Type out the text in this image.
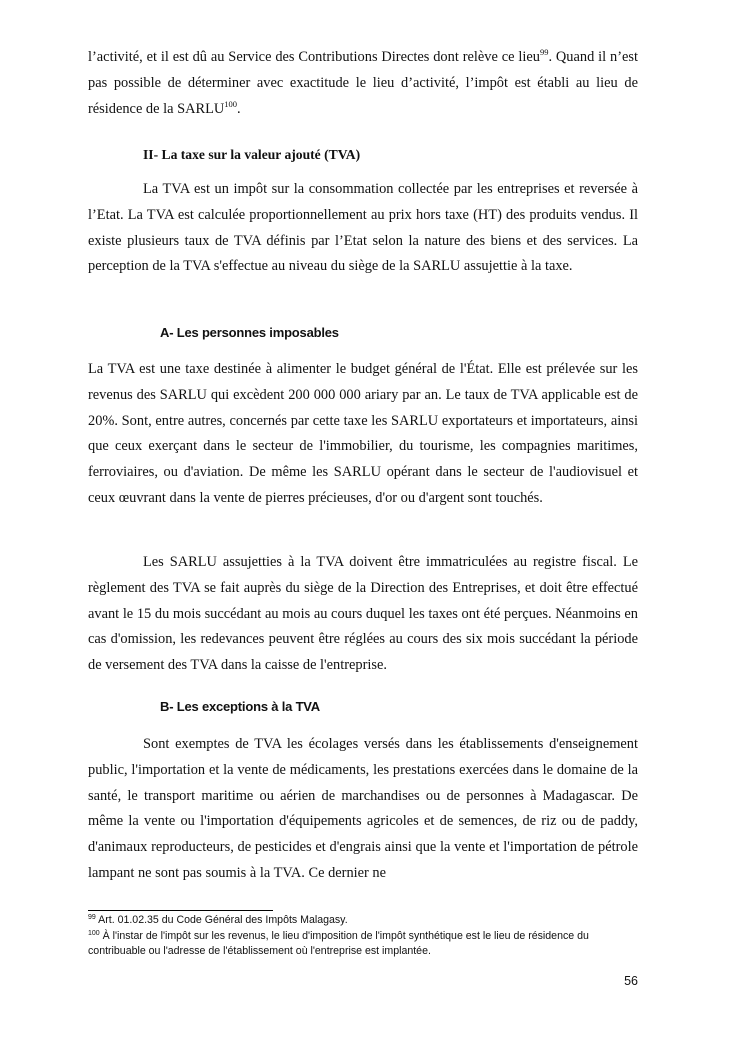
l’activité, et il est dû au Service des Contributions Directes dont relève ce lieu$^{99}$. Quand il n’est pas possible de déterminer avec exactitude le lieu d’activité, l’impôt est établi au lieu de résidence de la SARLU$^{100}$.

II- La taxe sur la valeur ajouté (TVA)

La TVA est un impôt sur la consommation collectée par les entreprises et reversée à l’Etat. La TVA est calculée proportionnellement au prix hors taxe (HT) des produits vendus. Il existe plusieurs taux de TVA définis par l’Etat selon la nature des biens et des services. La perception de la TVA s'effectue au niveau du siège de la SARLU assujettie à la taxe.

A- Les personnes imposables

La TVA est une taxe destinée à alimenter le budget général de l'État. Elle est prélevée sur les revenus des SARLU qui excèdent 200 000 000 ariary par an. Le taux de TVA applicable est de 20%. Sont, entre autres, concernés par cette taxe les SARLU exportateurs et importateurs, ainsi que ceux exerçant dans le secteur de l'immobilier, du tourisme, les compagnies maritimes, ferroviaires, ou d'aviation. De même les SARLU opérant dans le secteur de l'audiovisuel et ceux œuvrant dans la vente de pierres précieuses, d'or ou d'argent sont touchés.

Les SARLU assujetties à la TVA doivent être immatriculées au registre fiscal. Le règlement des TVA se fait auprès du siège de la Direction des Entreprises, et doit être effectué avant le 15 du mois succédant au mois au cours duquel les taxes ont été perçues. Néanmoins en cas d'omission, les redevances peuvent être réglées au cours des six mois succédant la période de versement des TVA dans la caisse de l'entreprise.

B- Les exceptions à la TVA

Sont exemptes de TVA les écolages versés dans les établissements d'enseignement public, l'importation et la vente de médicaments, les prestations exercées dans le domaine de la santé, le transport maritime ou aérien de marchandises ou de personnes à Madagascar. De même la vente ou l'importation d'équipements agricoles et de semences, de riz ou de paddy, d'animaux reproducteurs, de pesticides et d'engrais ainsi que la vente et l'importation de pétrole lampant ne sont pas soumis à la TVA. Ce dernier ne

$^{99}$ Art. 01.02.35 du Code Général des Impôts Malagasy.

$^{100}$ À l'instar de l'impôt sur les revenus, le lieu d'imposition de l'impôt synthétique est le lieu de résidence du contribuable ou l'adresse de l'établissement où l'entreprise est implantée.

56
